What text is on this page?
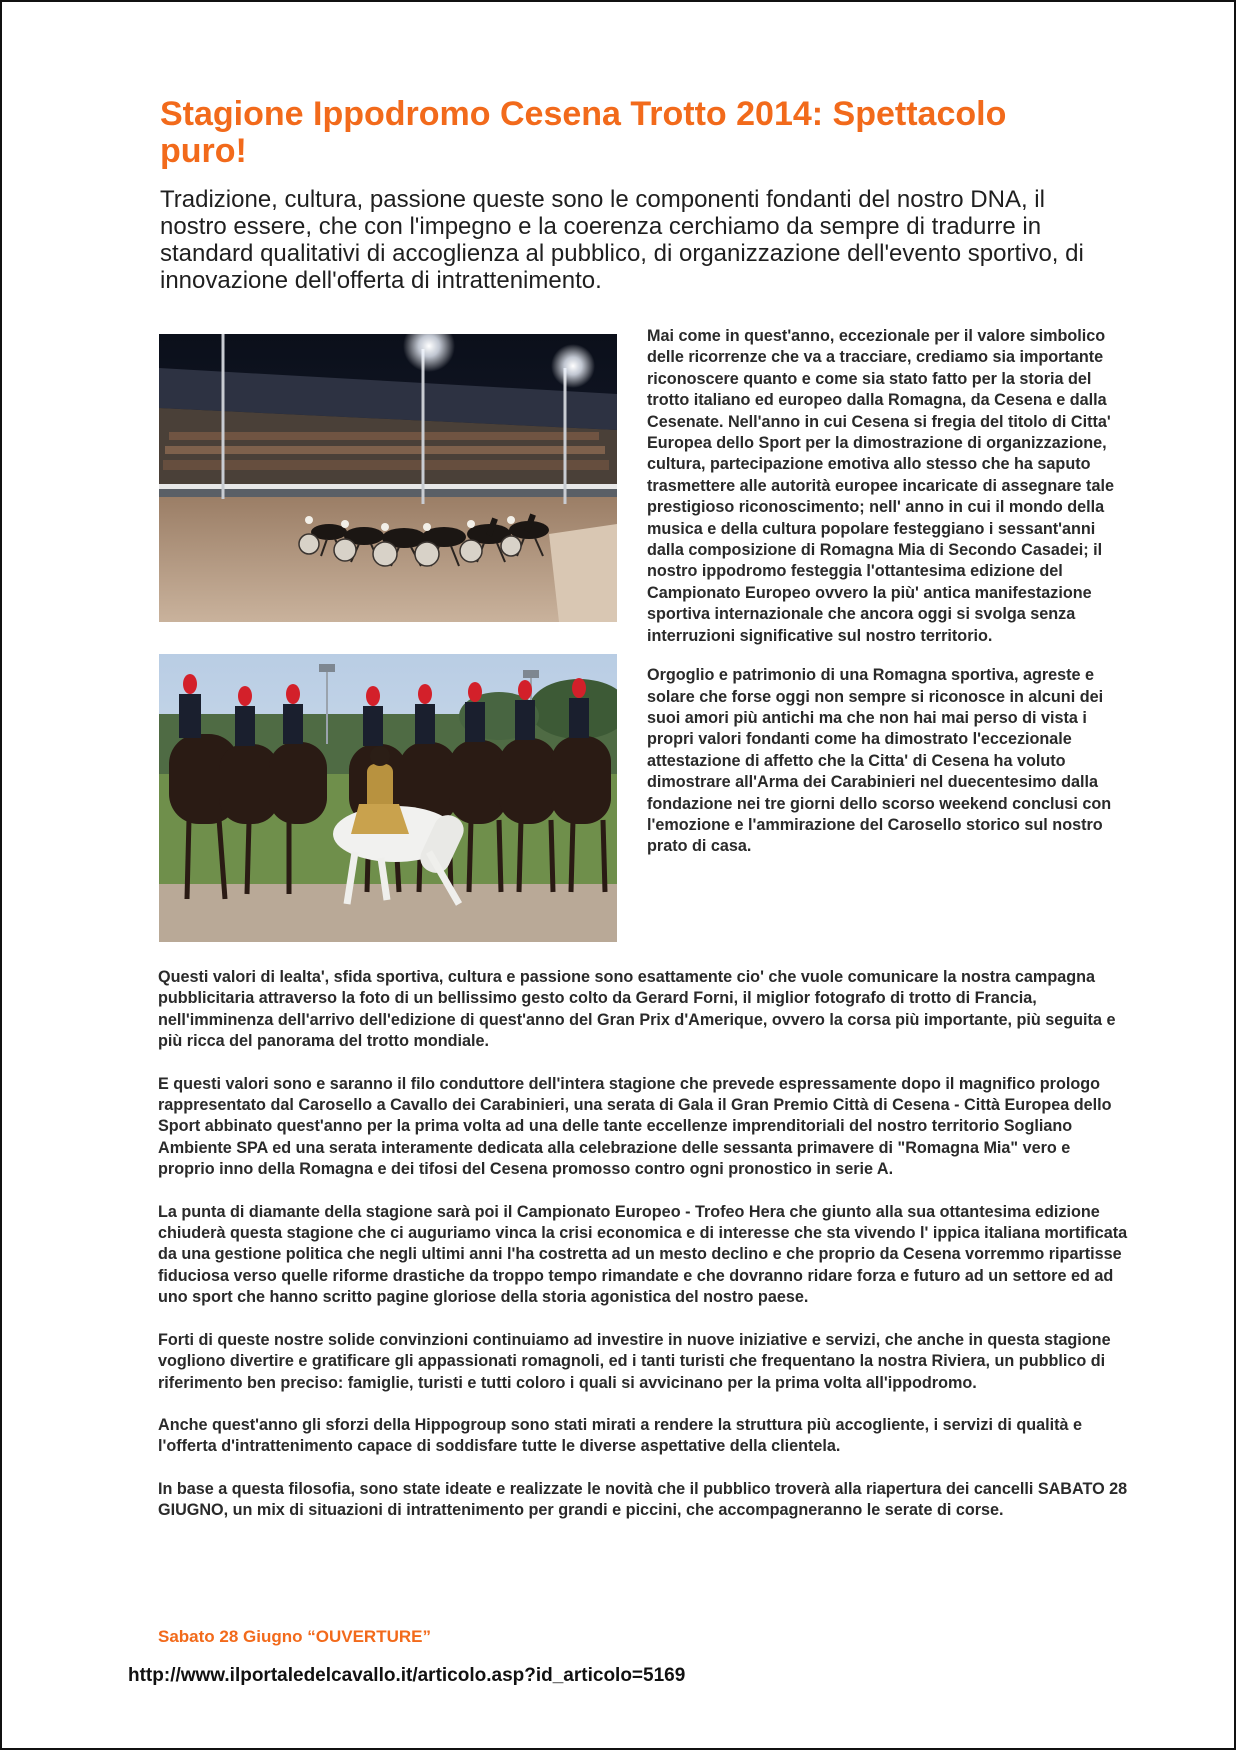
Stagione Ippodromo Cesena Trotto 2014: Spettacolo puro!

Tradizione, cultura, passione queste sono le componenti fondanti del nostro DNA, il nostro essere, che con l'impegno e la coerenza cerchiamo da sempre di tradurre in standard qualitativi di accoglienza al pubblico, di organizzazione dell'evento sportivo, di innovazione dell'offerta di intrattenimento.

Mai come in quest'anno, eccezionale per il valore simbolico delle ricorrenze che va a tracciare, crediamo sia importante riconoscere quanto e come sia stato fatto per la storia del trotto italiano ed europeo dalla Romagna, da Cesena e dalla Cesenate. Nell'anno in cui Cesena si fregia del titolo di Citta' Europea dello Sport per la dimostrazione di organizzazione, cultura, partecipazione emotiva allo stesso che ha saputo trasmettere alle autorità europee incaricate di assegnare tale prestigioso riconoscimento; nell' anno in cui il mondo della musica e della cultura popolare festeggiano i sessant'anni dalla composizione di Romagna Mia di Secondo Casadei; il nostro ippodromo festeggia l'ottantesima edizione del Campionato Europeo ovvero la più' antica manifestazione sportiva internazionale che ancora oggi si svolga senza interruzioni significative sul nostro territorio.

Orgoglio e patrimonio di una Romagna sportiva, agreste e solare che forse oggi non sempre si riconosce in alcuni dei suoi amori più antichi ma che non hai mai perso di vista i propri valori fondanti come ha dimostrato l'eccezionale attestazione di affetto che la Citta' di Cesena ha voluto dimostrare all'Arma dei Carabinieri nel duecentesimo dalla fondazione nei tre giorni dello scorso weekend conclusi con l'emozione e l'ammirazione del Carosello storico sul nostro prato di casa.

Questi valori di lealta', sfida sportiva, cultura e passione sono esattamente cio' che vuole comunicare la nostra campagna pubblicitaria attraverso la foto di un bellissimo gesto colto da Gerard Forni, il miglior fotografo di trotto di Francia, nell'imminenza dell'arrivo dell'edizione di quest'anno del Gran Prix d'Amerique, ovvero la corsa più importante, più seguita e più ricca del panorama del trotto mondiale.

E questi valori sono e saranno il filo conduttore dell'intera stagione che prevede espressamente dopo il magnifico prologo rappresentato dal Carosello a Cavallo dei Carabinieri, una serata di Gala il Gran Premio Città di Cesena - Città Europea dello Sport abbinato quest'anno per la prima volta ad una delle tante eccellenze imprenditoriali del nostro territorio Sogliano Ambiente SPA ed una serata interamente dedicata alla celebrazione delle sessanta primavere di "Romagna Mia" vero e proprio inno della Romagna e dei tifosi del Cesena promosso contro ogni pronostico in serie A.

La punta di diamante della stagione sarà poi il Campionato Europeo - Trofeo Hera che giunto alla sua ottantesima edizione chiuderà questa stagione che ci auguriamo vinca la crisi economica e di interesse che sta vivendo l' ippica italiana mortificata da una gestione politica che negli ultimi anni l'ha costretta ad un mesto declino e che proprio da Cesena vorremmo ripartisse fiduciosa verso quelle riforme drastiche da troppo tempo rimandate e che dovranno ridare forza e futuro ad un settore ed ad uno sport che hanno scritto pagine gloriose della storia agonistica del nostro paese.

Forti di queste nostre solide convinzioni continuiamo ad investire in nuove iniziative e servizi, che anche in questa stagione vogliono divertire e gratificare gli appassionati romagnoli, ed i tanti turisti che frequentano la nostra Riviera, un pubblico di riferimento ben preciso: famiglie, turisti e tutti coloro i quali si avvicinano per la prima volta all'ippodromo.

Anche quest'anno gli sforzi della Hippogroup sono stati mirati a rendere la struttura più accogliente, i servizi di qualità e l'offerta d'intrattenimento capace di soddisfare tutte le diverse aspettative della clientela.

In base a questa filosofia, sono state ideate e realizzate le novità che il pubblico troverà alla riapertura dei cancelli SABATO 28 GIUGNO, un mix di situazioni di intrattenimento per grandi e piccini, che accompagneranno le serate di corse.

Sabato 28 Giugno “OUVERTURE”
http://www.ilportaledelcavallo.it/articolo.asp?id_articolo=5169
